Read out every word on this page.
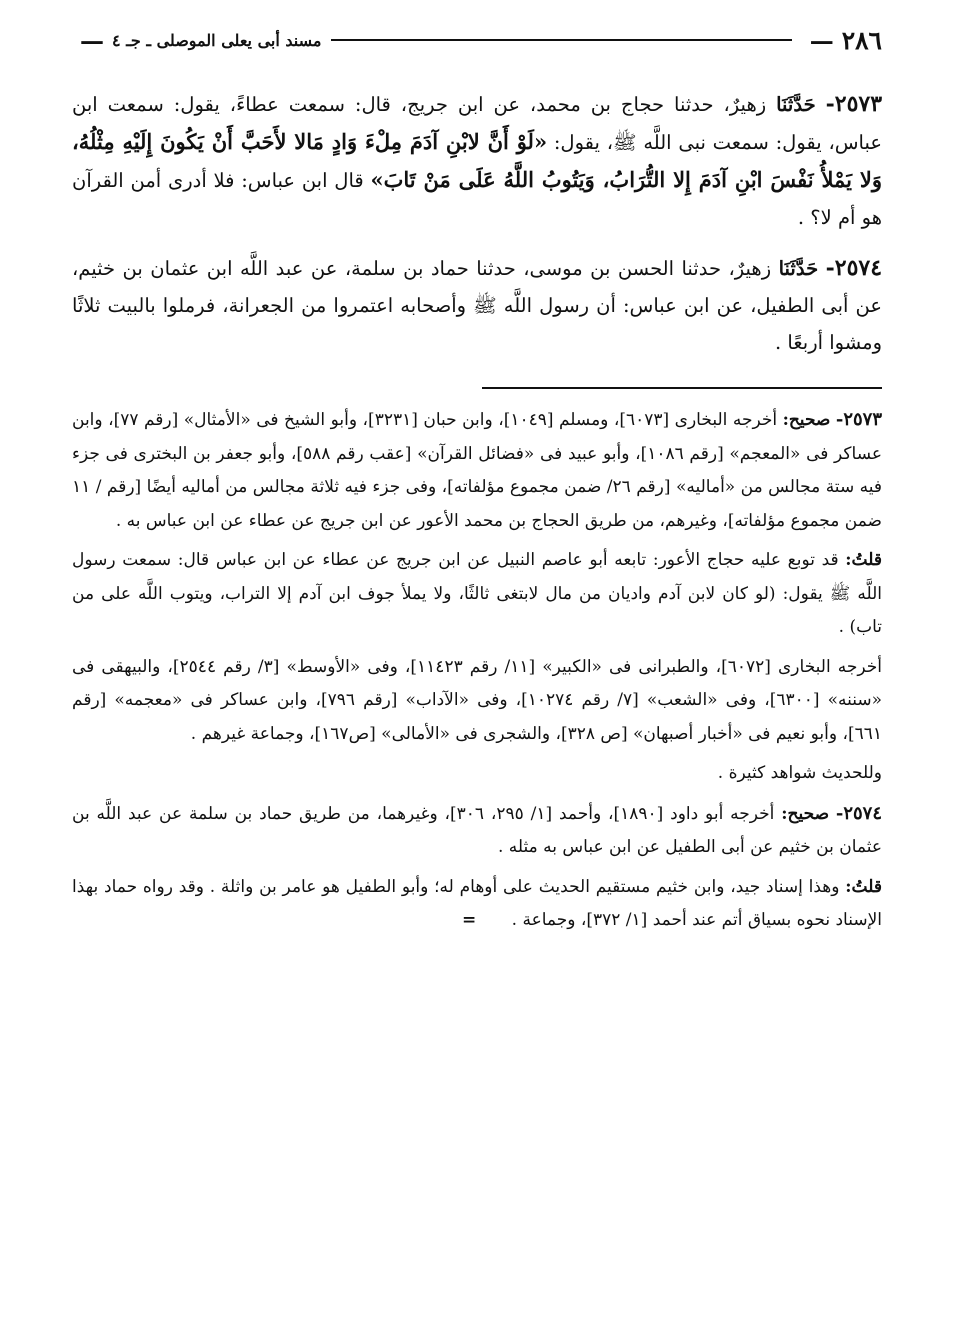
٢٨٦
—
مسند أبى يعلى الموصلى ـ جـ ٤
—

٢٥٧٣- حَدَّثَنَا زهيرٌ، حدثنا حجاج بن محمد، عن ابن جريج، قال: سمعت عطاءً، يقول: سمعت ابن عباس، يقول: سمعت نبى اللَّه ﷺ، يقول: «لَوْ أَنَّ لابْنِ آدَمَ مِلْءَ وَادٍ مَالا لأَحَبَّ أَنْ يَكُونَ إِلَيْهِ مِثْلُهُ، وَلا يَمْلأُ نَفْسَ ابْنِ آدَمَ إِلا التُّرَابُ، وَيَتُوبُ اللَّهُ عَلَى مَنْ تَابَ» قال ابن عباس: فلا أدرى أمن القرآن هو أم لا؟ .

٢٥٧٤- حَدَّثَنَا زهيرٌ، حدثنا الحسن بن موسى، حدثنا حماد بن سلمة، عن عبد اللَّه ابن عثمان بن خثيم، عن أبى الطفيل، عن ابن عباس: أن رسول اللَّه ﷺ وأصحابه اعتمروا من الجعرانة، فرملوا بالبيت ثلاثًا ومشوا أربعًا .

٢٥٧٣- صحيح: أخرجه البخارى [٦٠٧٣]، ومسلم [١٠٤٩]، وابن حبان [٣٢٣١]، وأبو الشيخ فى «الأمثال» [رقم ٧٧]، وابن عساكر فى «المعجم» [رقم ١٠٨٦]، وأبو عبيد فى «فضائل القرآن» [عقب رقم ٥٨٨]، وأبو جعفر بن البخترى فى جزء فيه ستة مجالس من «أماليه» [رقم ٢٦/ ضمن مجموع مؤلفاته]، وفى جزء فيه ثلاثة مجالس من أماليه أيضًا [رقم / ١١ ضمن مجموع مؤلفاته]، وغيرهم، من طريق الحجاج بن محمد الأعور عن ابن جريج عن عطاء عن ابن عباس به .

قلتُ: قد توبع عليه حجاج الأعور: تابعه أبو عاصم النبيل عن ابن جريج عن عطاء عن ابن عباس قال: سمعت رسول اللَّه ﷺ يقول: (لو كان لابن آدم واديان من مال لابتغى ثالثًا، ولا يملأ جوف ابن آدم إلا التراب، ويتوب اللَّه على من تاب) .

أخرجه البخارى [٦٠٧٢]، والطبرانى فى «الكبير» [١١/ رقم ١١٤٢٣]، وفى «الأوسط» [٣/ رقم ٢٥٤٤]، والبيهقى فى «سننه» [٦٣٠٠]، وفى «الشعب» [٧/ رقم ١٠٢٧٤]، وفى «الآداب» [رقم ٧٩٦]، وابن عساكر فى «معجمه» [رقم ٦٦١]، وأبو نعيم فى «أخبار أصبهان» [ص ٣٢٨]، والشجرى فى «الأمالى» [ص١٦٧]، وجماعة غيرهم .

وللحديث شواهد كثيرة .

٢٥٧٤- صحيح: أخرجه أبو داود [١٨٩٠]، وأحمد [١/ ٢٩٥، ٣٠٦]، وغيرهما، من طريق حماد بن سلمة عن عبد اللَّه بن عثمان بن خثيم عن أبى الطفيل عن ابن عباس به مثله .

قلتُ: وهذا إسناد جيد، وابن خثيم مستقيم الحديث على أوهام له؛ وأبو الطفيل هو عامر بن واثلة . وقد رواه حماد بهذا الإسناد نحوه بسياق أتم عند أحمد [١/ ٣٧٢]، وجماعة . =
